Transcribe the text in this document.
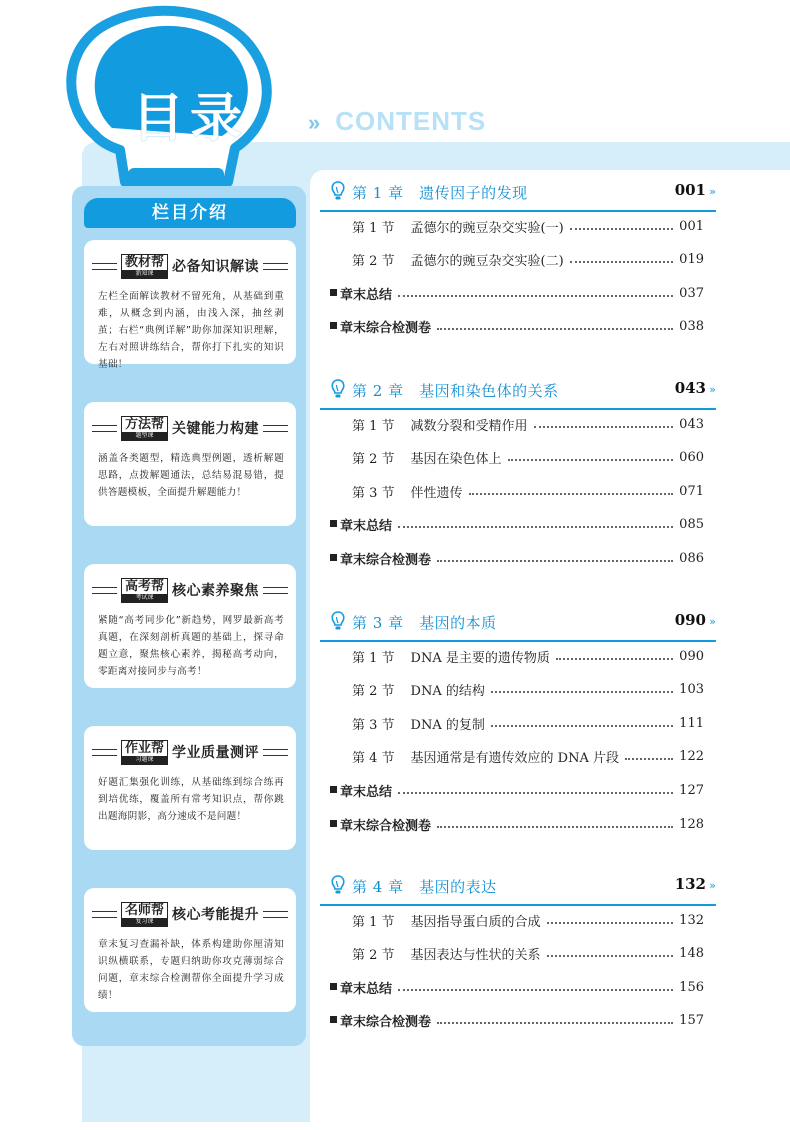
目录	» CONTENTS
栏目介绍
教材帮
新知课	必备知识解读
左栏全面解读教材不留死角，从基础到重难，从概念到内涵，由浅入深，抽丝剥茧；右栏“典例详解”助你加深知识理解，左右对照讲练结合，帮你打下扎实的知识基础！
方法帮
题型课	关键能力构建
涵盖各类题型，精选典型例题，透析解题思路，点拨解题通法，总结易混易错，提供答题模板，全面提升解题能力！
高考帮
考试课	核心素养聚焦
紧随“高考同步化”新趋势，网罗最新高考真题，在深刻剖析真题的基础上，探寻命题立意，聚焦核心素养，揭秘高考动向，零距离对接同步与高考！
作业帮
习题课	学业质量测评
好题汇集强化训练，从基础练到综合练再到培优练，覆盖所有常考知识点，帮你跳出题海阴影，高分速成不是问题！
名师帮
复习课	核心考能提升
章末复习查漏补缺，体系构建助你厘清知识纵横联系，专题归纳助你攻克薄弱综合问题，章末综合检测帮你全面提升学习成绩！
第 1 章　遗传因子的发现	001 »
第 1 节 孟德尔的豌豆杂交实验(一)	001
第 2 节 孟德尔的豌豆杂交实验(二)	019
章末总结	037
章末综合检测卷	038
第 2 章　基因和染色体的关系	043 »
第 1 节 减数分裂和受精作用	043
第 2 节 基因在染色体上	060
第 3 节 伴性遗传	071
章末总结	085
章末综合检测卷	086
第 3 章　基因的本质	090 »
第 1 节 DNA 是主要的遗传物质	090
第 2 节 DNA 的结构	103
第 3 节 DNA 的复制	111
第 4 节 基因通常是有遗传效应的 DNA 片段	122
章末总结	127
章末综合检测卷	128
第 4 章　基因的表达	132 »
第 1 节 基因指导蛋白质的合成	132
第 2 节 基因表达与性状的关系	148
章末总结	156
章末综合检测卷	157
